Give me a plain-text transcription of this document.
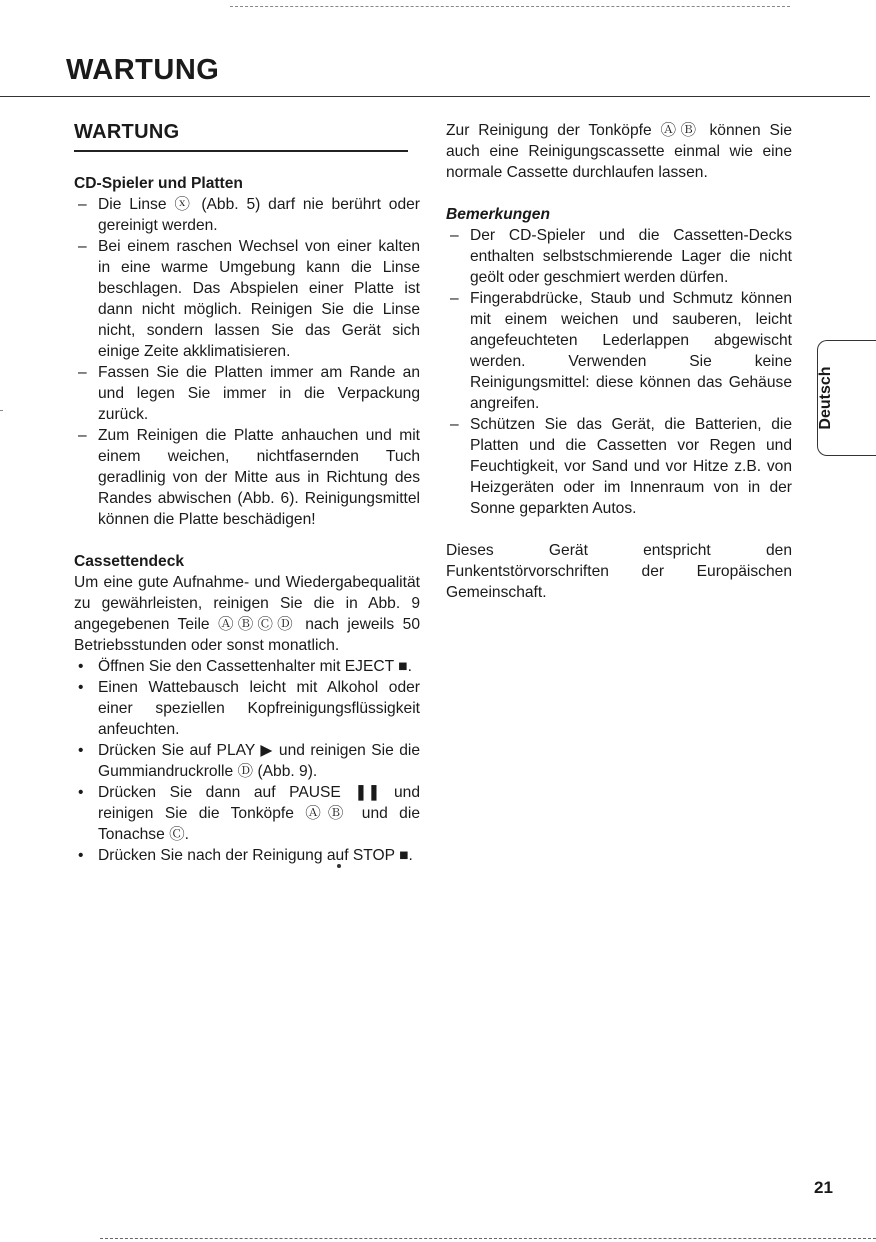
WARTUNG
WARTUNG
CD-Spieler und Platten
– Die Linse ⓧ (Abb. 5) darf nie berührt oder gereinigt werden.
– Bei einem raschen Wechsel von einer kalten in eine warme Umgebung kann die Linse beschlagen. Das Abspielen einer Platte ist dann nicht möglich. Reinigen Sie die Linse nicht, sondern lassen Sie das Gerät sich einige Zeite akklimatisieren.
– Fassen Sie die Platten immer am Rande an und legen Sie immer in die Verpackung zurück.
– Zum Reinigen die Platte anhauchen und mit einem weichen, nichtfasernden Tuch geradlinig von der Mitte aus in Richtung des Randes abwischen (Abb. 6). Reinigungsmittel können die Platte beschädigen!
Cassettendeck

Um eine gute Aufnahme- und Wiedergabequalität zu gewährleisten, reinigen Sie die in Abb. 9 angegebenen Teile ⒶⒷⒸⒹ nach jeweils 50 Betriebsstunden oder sonst monatlich.

• Öffnen Sie den Cassettenhalter mit EJECT ■.
• Einen Wattebausch leicht mit Alkohol oder einer speziellen Kopfreinigungsflüssigkeit anfeuchten.
• Drücken Sie auf PLAY ▶ und reinigen Sie die Gummiandruckrolle Ⓓ (Abb. 9).
• Drücken Sie dann auf PAUSE ❚❚ und reinigen Sie die Tonköpfe ⒶⒷ und die Tonachse Ⓒ.
• Drücken Sie nach der Reinigung auf STOP ■.

Zur Reinigung der Tonköpfe ⒶⒷ können Sie auch eine Reinigungscassette einmal wie eine normale Cassette durchlaufen lassen.

Bemerkungen
– Der CD-Spieler und die Cassetten-Decks enthalten selbstschmierende Lager die nicht geölt oder geschmiert werden dürfen.
– Fingerabdrücke, Staub und Schmutz können mit einem weichen und sauberen, leicht angefeuchteten Lederlappen abgewischt werden. Verwenden Sie keine Reinigungsmittel: diese können das Gehäuse angreifen.
– Schützen Sie das Gerät, die Batterien, die Platten und die Cassetten vor Regen und Feuchtigkeit, vor Sand und vor Hitze z.B. von Heizgeräten oder im Innenraum von in der Sonne geparkten Autos.

Dieses Gerät entspricht den Funkentstörvorschriften der Europäischen Gemeinschaft.

Deutsch
21
